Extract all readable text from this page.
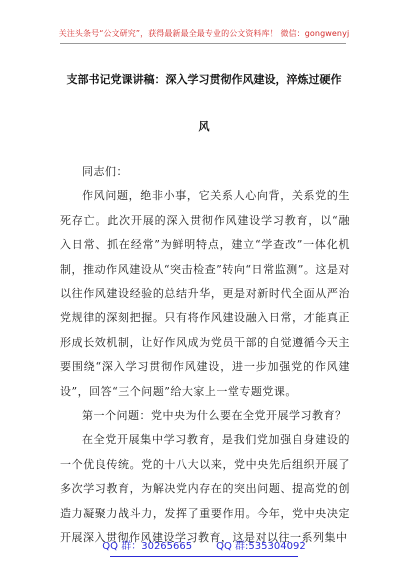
关注头条号“公文研究”，获得最新最全最专业的公文资料库！ 微信：gongwenyj
支部书记党课讲稿：深入学习贯彻作风建设，淬炼过硬作
风

同志们：

作风问题，绝非小事，它关系人心向背，关系党的生死存亡。此次开展的深入贯彻作风建设学习教育，以“融入日常、抓在经常”为鲜明特点，建立“学查改”一体化机制，推动作风建设从“突击检查”转向“日常监测”。这是对以往作风建设经验的总结升华，更是对新时代全面从严治党规律的深刻把握。只有将作风建设融入日常，才能真正形成长效机制，让好作风成为党员干部的自觉遵循今天主要围绕“深入学习贯彻作风建设，进一步加强党的作风建设”，回答“三个问题”给大家上一堂专题党课。

第一个问题：党中央为什么要在全党开展学习教育？

在全党开展集中学习教育，是我们党加强自身建设的一个优良传统。党的十八大以来，党中央先后组织开展了多次学习教育，为解决党内存在的突出问题、提高党的创造力凝聚力战斗力，发挥了重要作用。今年，党中央决定开展深入贯彻作风建设学习教育，这是对以往一系列集中

QQ 群：30265665 QQ 群:535304092
